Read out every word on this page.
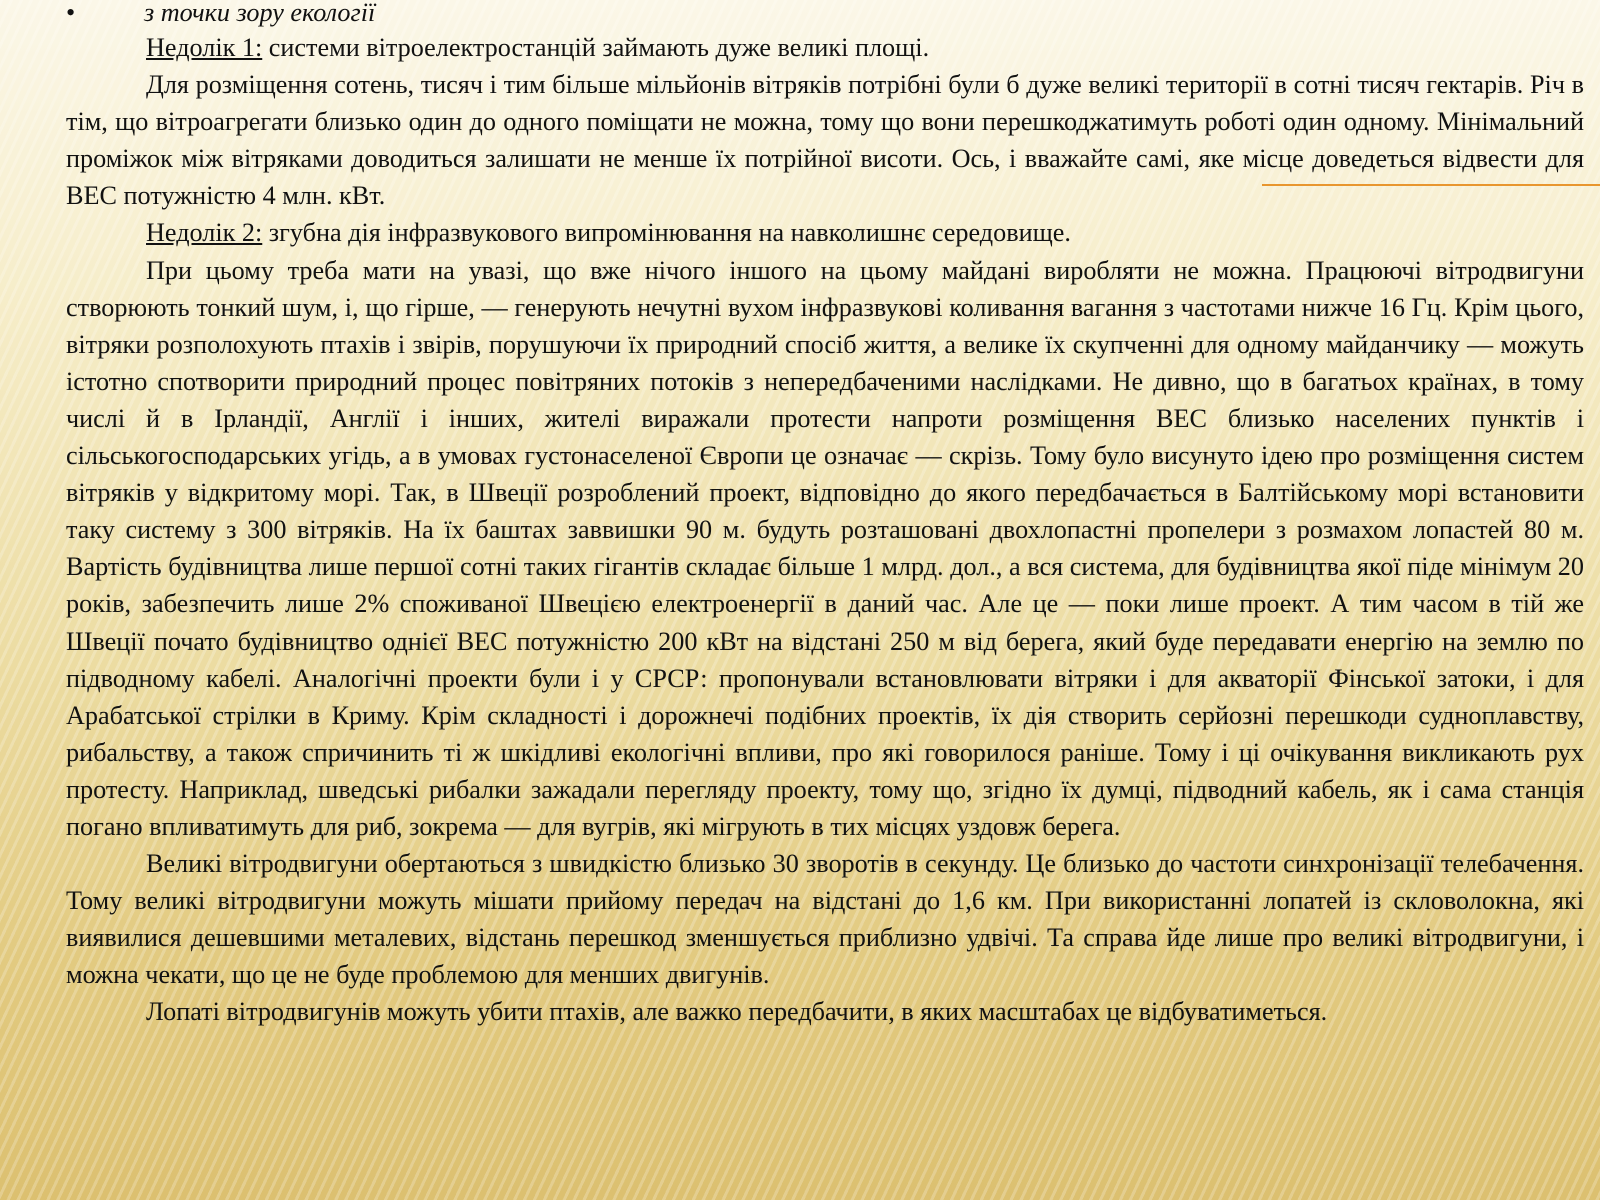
•	з точки зору екології

Недолік 1: системи вітроелектростанцій займають дуже великі площі.

Для розміщення сотень, тисяч і тим більше мільйонів вітряків потрібні були б дуже великі території в сотні тисяч гектарів. Річ в тім, що вітроагрегати близько один до одного поміщати не можна, тому що вони перешкоджатимуть роботі один одному. Мінімальний проміжок між вітряками доводиться залишати не менше їх потрійної висоти. Ось, і вважайте самі, яке місце доведеться відвести для ВЕС потужністю 4 млн. кВт.

Недолік 2: згубна дія інфразвукового випромінювання на навколишнє середовище.

При цьому треба мати на увазі, що вже нічого іншого на цьому майдані виробляти не можна. Працюючі вітродвигуни створюють тонкий шум, і, що гірше, — генерують нечутні вухом інфразвукові коливання вагання з частотами нижче 16 Гц. Крім цього, вітряки розполохують птахів і звірів, порушуючи їх природний спосіб життя, а велике їх скупченні для одному майданчику — можуть істотно спотворити природний процес повітряних потоків з непередбаченими наслідками. Не дивно, що в багатьох країнах, в тому числі й в Ірландії, Англії і інших, жителі виражали протести напроти розміщення ВЕС близько населених пунктів і сільськогосподарських угідь, а в умовах густонаселеної Європи це означає — скрізь. Тому було висунуто ідею про розміщення систем вітряків у відкритому морі. Так, в Швеції розроблений проект, відповідно до якого передбачається в Балтійському морі встановити таку систему з 300 вітряків. На їх баштах заввишки 90 м. будуть розташовані двохлопастні пропелери з розмахом лопастей 80 м. Вартість будівництва лише першої сотні таких гігантів складає більше 1 млрд. дол., а вся система, для будівництва якої піде мінімум 20 років, забезпечить лише 2% споживаної Швецією електроенергії в даний час. Але це — поки лише проект. А тим часом в тій же Швеції почато будівництво однієї ВЕС потужністю 200 кВт на відстані 250 м від берега, який буде передавати енергію на землю по підводному кабелі. Аналогічні проекти були і у СРСР: пропонували встановлювати вітряки і для акваторії Фінської затоки, і для Арабатської стрілки в Криму. Крім складності і дорожнечі подібних проектів, їх дія створить серйозні перешкоди судноплавству, рибальству, а також спричинить ті ж шкідливі екологічні впливи, про які говорилося раніше. Тому і ці очікування викликають рух протесту. Наприклад, шведські рибалки зажадали перегляду проекту, тому що, згідно їх думці, підводний кабель, як і сама станція погано впливатимуть для риб, зокрема — для вугрів, які мігрують в тих місцях уздовж берега.

Великі вітродвигуни обертаються з швидкістю близько 30 зворотів в секунду. Це близько до частоти синхронізації телебачення. Тому великі вітродвигуни можуть мішати прийому передач на відстані до 1,6 км. При використанні лопатей із скловолокна, які виявилися дешевшими металевих, відстань перешкод зменшується приблизно удвічі. Та справа йде лише про великі вітродвигуни, і можна чекати, що це не буде проблемою для менших двигунів.

Лопаті вітродвигунів можуть убити птахів, але важко передбачити, в яких масштабах це відбуватиметься.
